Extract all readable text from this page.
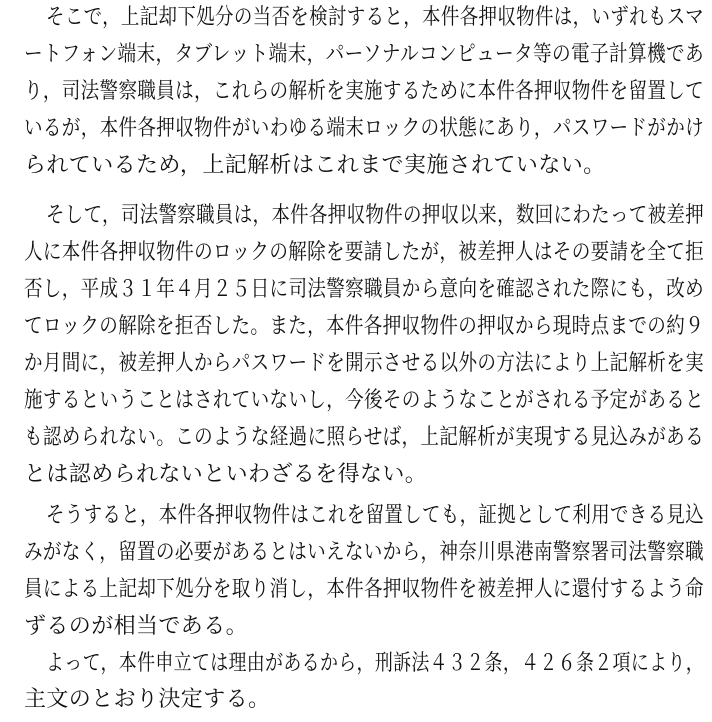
そこで，上記却下処分の当否を検討すると，本件各押収物件は，いずれもスマ
ートフォン端末，タブレット端末，パーソナルコンピュータ等の電子計算機であ
り，司法警察職員は，これらの解析を実施するために本件各押収物件を留置して
いるが，本件各押収物件がいわゆる端末ロックの状態にあり，パスワードがかけ
られているため，上記解析はこれまで実施されていない。
そして，司法警察職員は，本件各押収物件の押収以来，数回にわたって被差押
人に本件各押収物件のロックの解除を要請したが，被差押人はその要請を全て拒
否し，平成３１年４月２５日に司法警察職員から意向を確認された際にも，改め
てロックの解除を拒否した。また，本件各押収物件の押収から現時点までの約９
か月間に，被差押人からパスワードを開示させる以外の方法により上記解析を実
施するということはされていないし，今後そのようなことがされる予定があると
も認められない。このような経過に照らせば，上記解析が実現する見込みがある
とは認められないといわざるを得ない。
そうすると，本件各押収物件はこれを留置しても，証拠として利用できる見込
みがなく，留置の必要があるとはいえないから，神奈川県港南警察署司法警察職
員による上記却下処分を取り消し，本件各押収物件を被差押人に還付するよう命
ずるのが相当である。
よって，本件申立ては理由があるから，刑訴法４３２条，４２６条２項により，
主文のとおり決定する。
